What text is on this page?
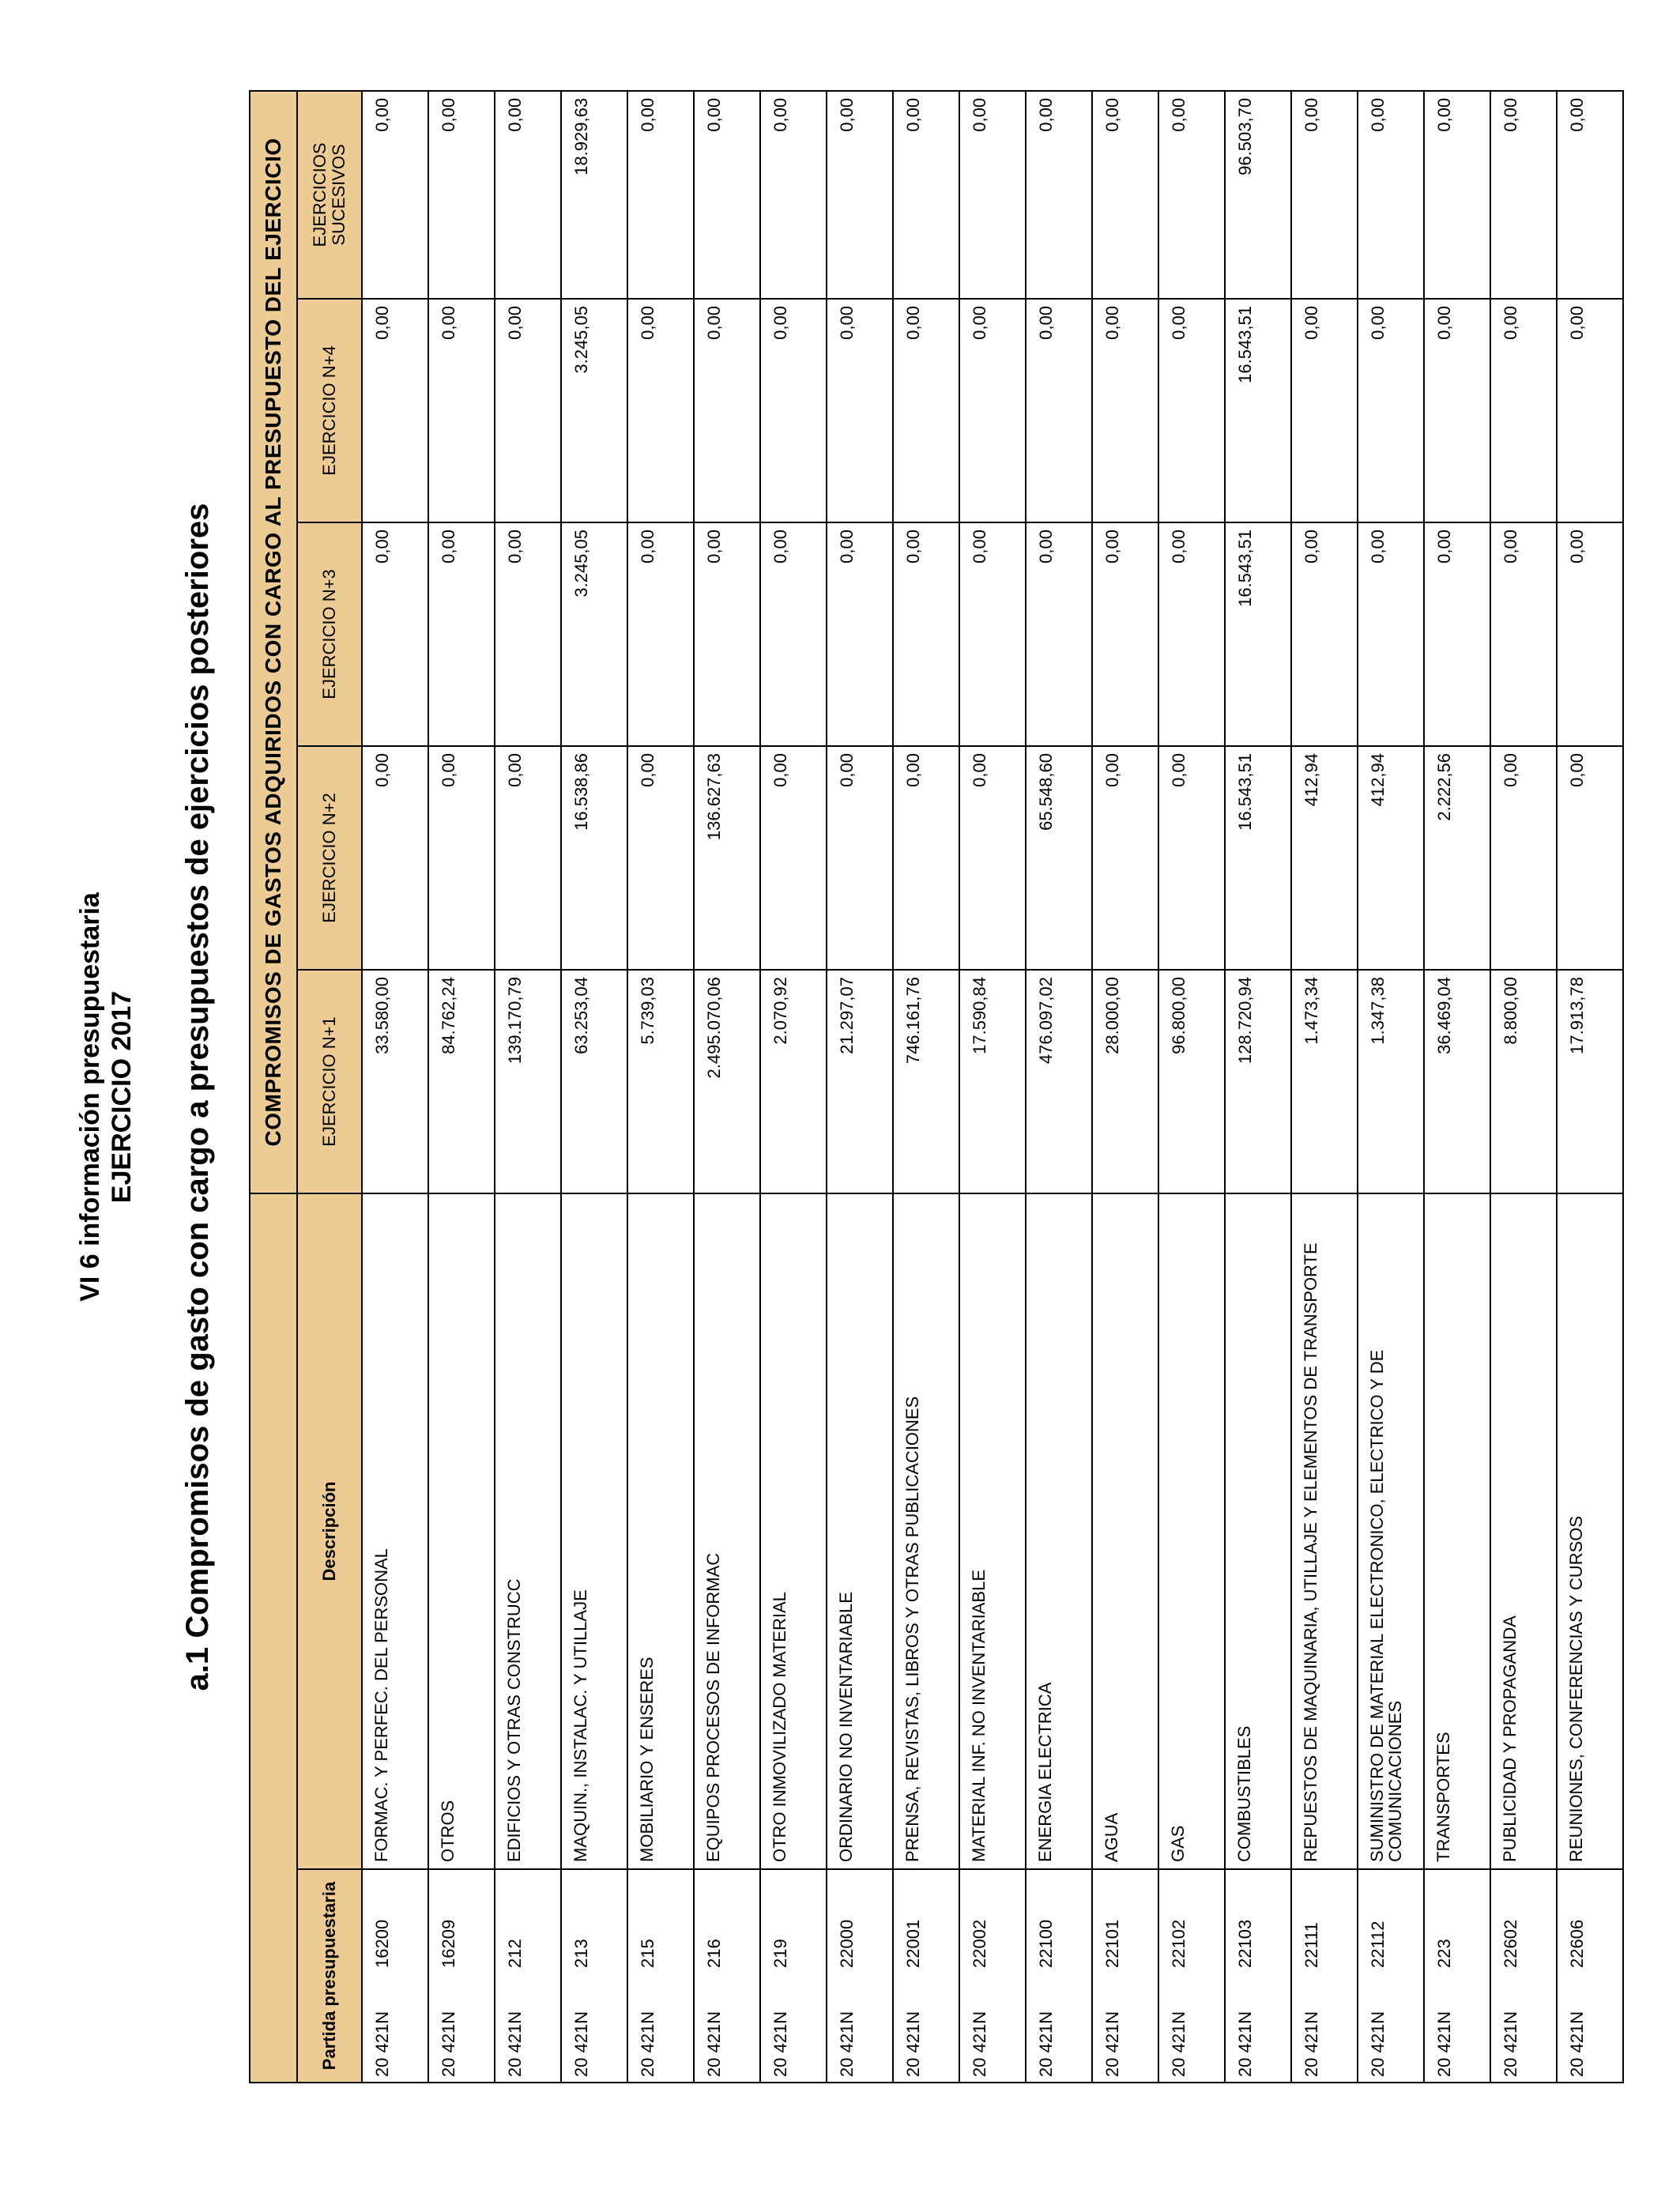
VI 6 información presupuestaria EJERCICIO 2017 a.1 Compromisos de gasto con cargo a presupuestos de ejercicios posteriores
			COMPROMISOS DE GASTOS ADQUIRIDOS CON CARGO AL PRESUPUESTO DEL EJERCICIO				
Partida presupuestaria		Descripción	EJERCICIO N+1	EJERCICIO N+2	EJERCICIO N+3	EJERCICIO N+4	EJERCICIOS SUCESIVOS
20 421N	16200	FORMAC. Y PERFEC. DEL PERSONAL	33.580,00	0,00	0,00	0,00	0,00
20 421N	16209	OTROS	84.762,24	0,00	0,00	0,00	0,00
20 421N	212	EDIFICIOS Y OTRAS CONSTRUCC	139.170,79	0,00	0,00	0,00	0,00
20 421N	213	MAQUIN., INSTALAC. Y UTILLAJE	63.253,04	16.538,86	3.245,05	3.245,05	18.929,63
20 421N	215	MOBILIARIO Y ENSERES	5.739,03	0,00	0,00	0,00	0,00
20 421N	216	EQUIPOS PROCESOS DE INFORMAC	2.495.070,06	136.627,63	0,00	0,00	0,00
20 421N	219	OTRO INMOVILIZADO MATERIAL	2.070,92	0,00	0,00	0,00	0,00
20 421N	22000	ORDINARIO NO INVENTARIABLE	21.297,07	0,00	0,00	0,00	0,00
20 421N	22001	PRENSA, REVISTAS, LIBROS Y OTRAS PUBLICACIONES	746.161,76	0,00	0,00	0,00	0,00
20 421N	22002	MATERIAL INF. NO INVENTARIABLE	17.590,84	0,00	0,00	0,00	0,00
20 421N	22100	ENERGIA ELECTRICA	476.097,02	65.548,60	0,00	0,00	0,00
20 421N	22101	AGUA	28.000,00	0,00	0,00	0,00	0,00
20 421N	22102	GAS	96.800,00	0,00	0,00	0,00	0,00
20 421N	22103	COMBUSTIBLES	128.720,94	16.543,51	16.543,51	16.543,51	96.503,70
20 421N	22111	REPUESTOS DE MAQUINARIA, UTILLAJE Y ELEMENTOS DE TRANSPORTE	1.473,34	412,94	0,00	0,00	0,00
20 421N	22112	SUMINISTRO DE MATERIAL ELECTRONICO, ELECTRICO Y DE COMUNICACIONES	1.347,38	412,94	0,00	0,00	0,00
20 421N	223	TRANSPORTES	36.469,04	2.222,56	0,00	0,00	0,00
20 421N	22602	PUBLICIDAD Y PROPAGANDA	8.800,00	0,00	0,00	0,00	0,00
20 421N	22606	REUNIONES, CONFERENCIAS Y CURSOS	17.913,78	0,00	0,00	0,00	0,00
